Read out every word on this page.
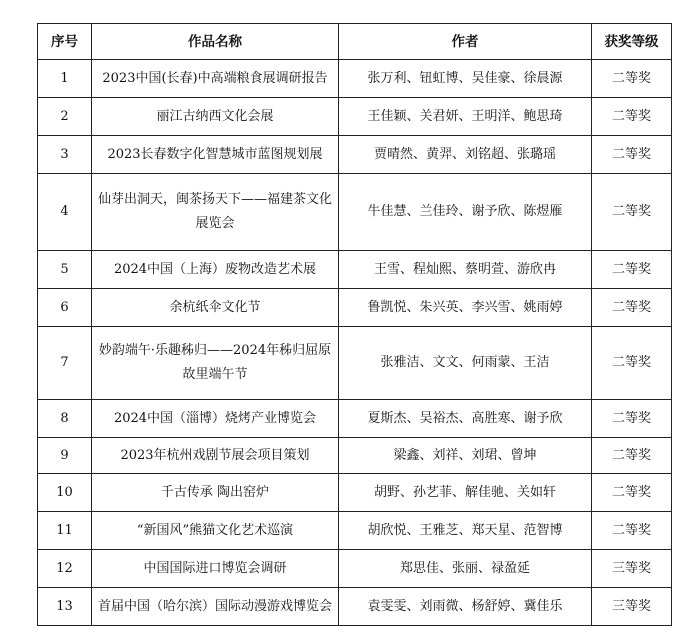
序号	作品名称	作者	获奖等级
1	2023中国(长春)中高端粮食展调研报告	张万利、钮虹博、吴佳豪、徐晨源	二等奖
2	丽江古纳西文化会展	王佳颖、关君妍、王明洋、鲍思琦	二等奖
3	2023长春数字化智慧城市蓝图规划展	贾晴然、黄羿、刘铭超、张璐瑶	二等奖
4	仙芽出洞天，闽茶扬天下——福建茶文化展览会	牛佳慧、兰佳玲、谢予欣、陈煜雁	二等奖
5	2024中国（上海）废物改造艺术展	王雪、程灿熙、蔡明萱、游欣冉	二等奖
6	余杭纸伞文化节	鲁凯悦、朱兴英、李兴雪、姚雨婷	二等奖
7	妙韵端午·乐趣秭归——2024年秭归屈原故里端午节	张雅洁、文文、何雨蒙、王洁	二等奖
8	2024中国（淄博）烧烤产业博览会	夏斯杰、吴裕杰、高胜寒、谢予欣	二等奖
9	2023年杭州戏剧节展会项目策划	梁鑫、刘祥、刘珺、曾坤	二等奖
10	千古传承 陶出窑炉	胡野、孙艺菲、解佳驰、关如轩	二等奖
11	“新国风”熊猫文化艺术巡演	胡欣悦、王雅芝、郑天星、范智博	二等奖
12	中国国际进口博览会调研	郑思佳、张丽、禄盈延	三等奖
13	首届中国（哈尔滨）国际动漫游戏博览会	袁雯雯、刘雨微、杨舒婷、冀佳乐	三等奖
